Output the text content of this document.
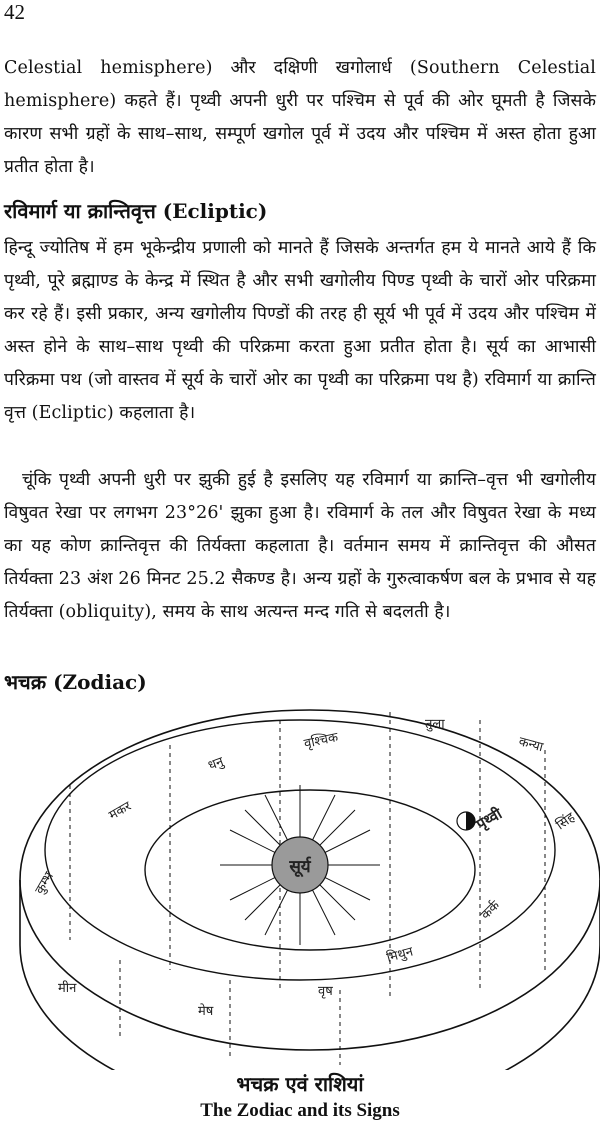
42

Celestial hemisphere) और दक्षिणी खगोलार्ध (Southern Celestial hemisphere) कहते हैं। पृथ्वी अपनी धुरी पर पश्चिम से पूर्व की ओर घूमती है जिसके कारण सभी ग्रहों के साथ–साथ, सम्पूर्ण खगोल पूर्व में उदय और पश्चिम में अस्त होता हुआ प्रतीत होता है।

रविमार्ग या क्रान्तिवृत्त (Ecliptic)

हिन्दू ज्योतिष में हम भूकेन्द्रीय प्रणाली को मानते हैं जिसके अन्तर्गत हम ये मानते आये हैं कि पृथ्वी, पूरे ब्रह्माण्ड के केन्द्र में स्थित है और सभी खगोलीय पिण्ड पृथ्वी के चारों ओर परिक्रमा कर रहे हैं। इसी प्रकार, अन्य खगोलीय पिण्डों की तरह ही सूर्य भी पूर्व में उदय और पश्चिम में अस्त होने के साथ–साथ पृथ्वी की परिक्रमा करता हुआ प्रतीत होता है। सूर्य का आभासी परिक्रमा पथ (जो वास्तव में सूर्य के चारों ओर का पृथ्वी का परिक्रमा पथ है) रविमार्ग या क्रान्ति वृत्त (Ecliptic) कहलाता है।

चूंकि पृथ्वी अपनी धुरी पर झुकी हुई है इसलिए यह रविमार्ग या क्रान्ति–वृत्त भी खगोलीय विषुवत रेखा पर लगभग 23°26' झुका हुआ है। रविमार्ग के तल और विषुवत रेखा के मध्य का यह कोण क्रान्तिवृत्त की तिर्यक्ता कहलाता है। वर्तमान समय में क्रान्तिवृत्त की औसत तिर्यक्ता 23 अंश 26 मिनट 25.2 सैकण्ड है। अन्य ग्रहों के गुरुत्वाकर्षण बल के प्रभाव से यह तिर्यक्ता (obliquity), समय के साथ अत्यन्त मन्द गति से बदलती है।

भचक्र (Zodiac)
सूर्य
पृथ्वी
धनु
वृश्चिक
तुला
कन्या
मकर	सिंह
कुम्भ
कर्क
मिथुन
मीन
मेष
वृष

भचक्र एवं राशियां

The Zodiac and its Signs
